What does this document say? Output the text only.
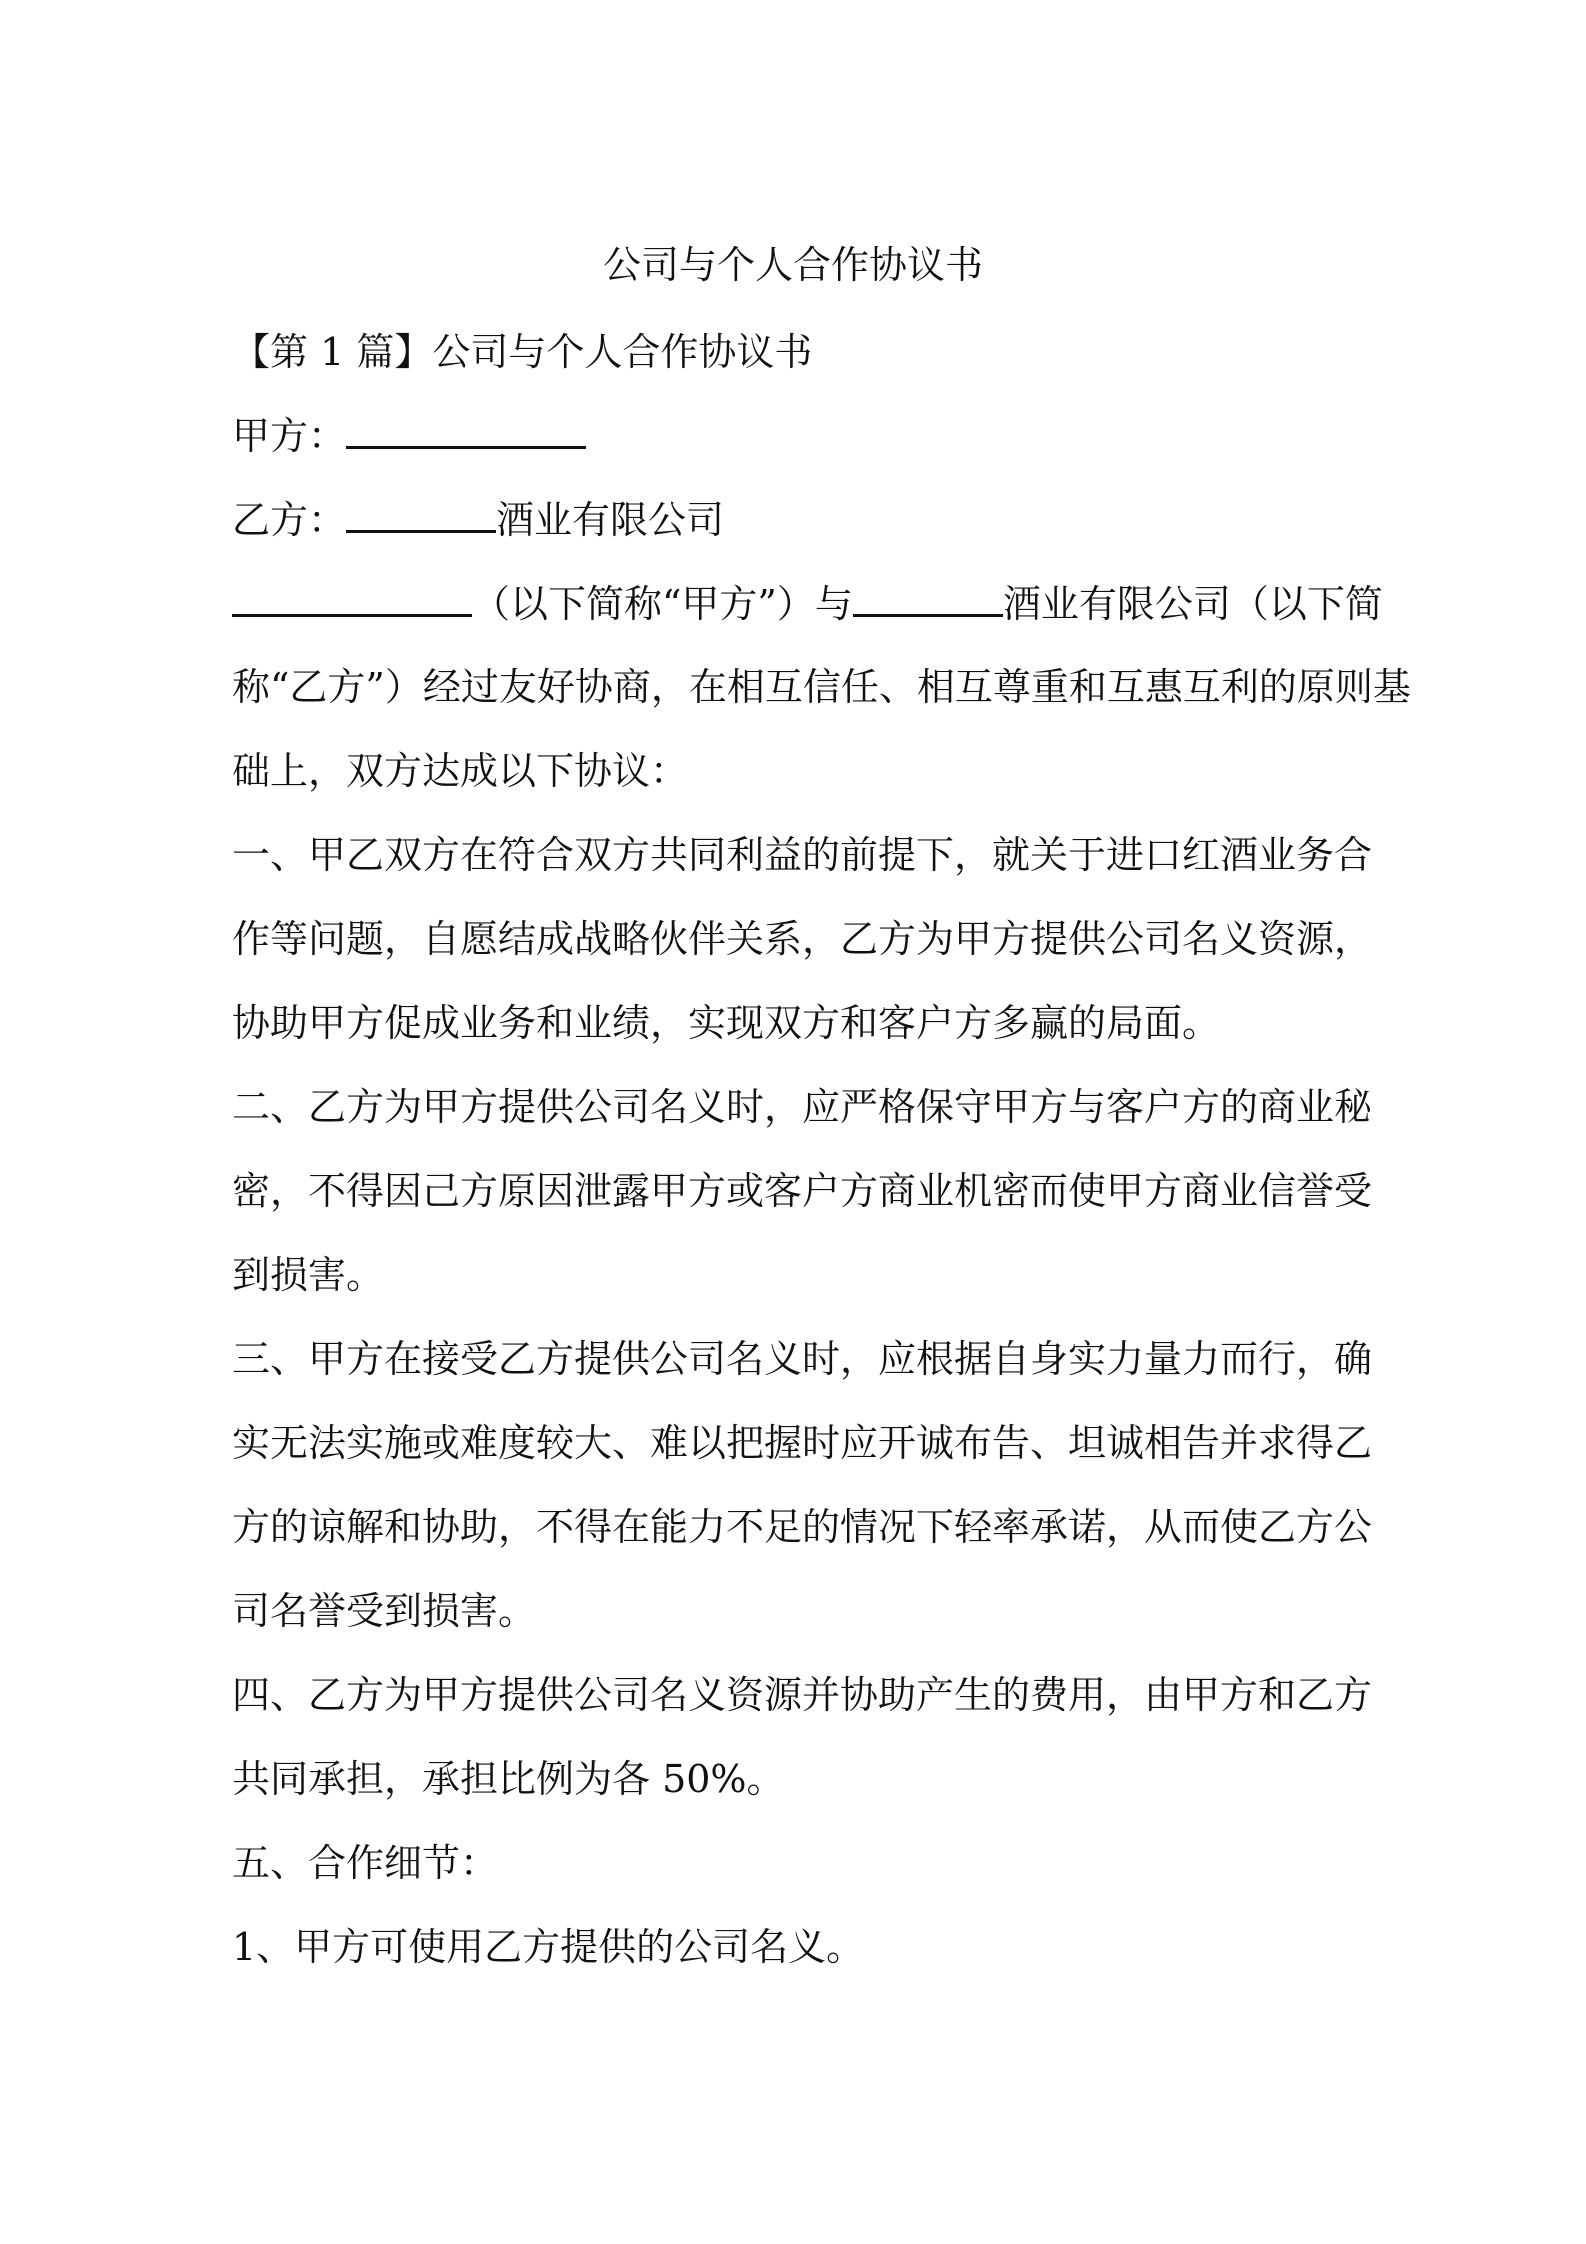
公司与个人合作协议书
【第 1 篇】公司与个人合作协议书
甲方：
乙方：	酒业有限公司
（以下简称“甲方”）与	酒业有限公司（以下简
称“乙方”）经过友好协商，在相互信任、相互尊重和互惠互利的原则基
础上，双方达成以下协议：
一、甲乙双方在符合双方共同利益的前提下，就关于进口红酒业务合
作等问题，自愿结成战略伙伴关系，乙方为甲方提供公司名义资源，
协助甲方促成业务和业绩，实现双方和客户方多赢的局面。
二、乙方为甲方提供公司名义时，应严格保守甲方与客户方的商业秘
密，不得因己方原因泄露甲方或客户方商业机密而使甲方商业信誉受
到损害。
三、甲方在接受乙方提供公司名义时，应根据自身实力量力而行，确
实无法实施或难度较大、难以把握时应开诚布告、坦诚相告并求得乙
方的谅解和协助，不得在能力不足的情况下轻率承诺，从而使乙方公
司名誉受到损害。
四、乙方为甲方提供公司名义资源并协助产生的费用，由甲方和乙方
共同承担，承担比例为各 50%。
五、合作细节：
1、甲方可使用乙方提供的公司名义。
